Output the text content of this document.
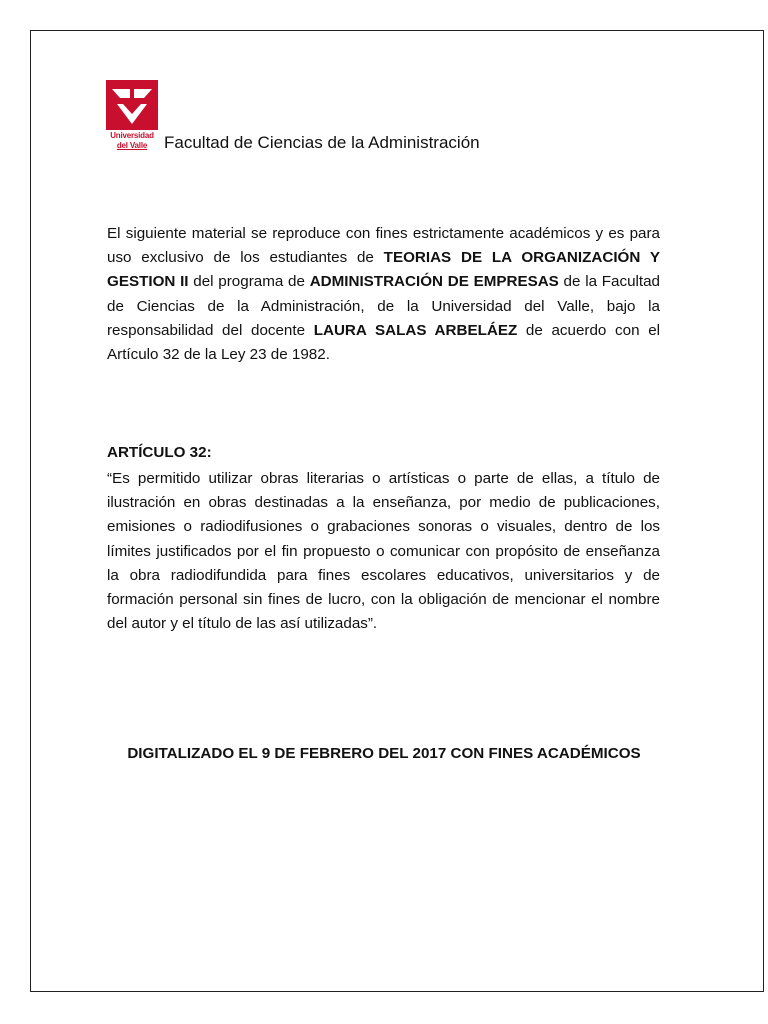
Universidad
del Valle Facultad de Ciencias de la Administración

El siguiente material se reproduce con fines estrictamente académicos y es para uso exclusivo de los estudiantes de TEORIAS DE LA ORGANIZACIÓN Y GESTION II del programa de ADMINISTRACIÓN DE EMPRESAS de la Facultad de Ciencias de la Administración, de la Universidad del Valle, bajo la responsabilidad del docente LAURA SALAS ARBELÁEZ de acuerdo con el Artículo 32 de la Ley 23 de 1982.

ARTÍCULO 32:

“Es permitido utilizar obras literarias o artísticas o parte de ellas, a título de ilustración en obras destinadas a la enseñanza, por medio de publicaciones, emisiones o radiodifusiones o grabaciones sonoras o visuales, dentro de los límites justificados por el fin propuesto o comunicar con propósito de enseñanza la obra radiodifundida para fines escolares educativos, universitarios y de formación personal sin fines de lucro, con la obligación de mencionar el nombre del autor y el título de las así utilizadas”.

DIGITALIZADO EL 9 DE FEBRERO DEL 2017 CON FINES ACADÉMICOS
